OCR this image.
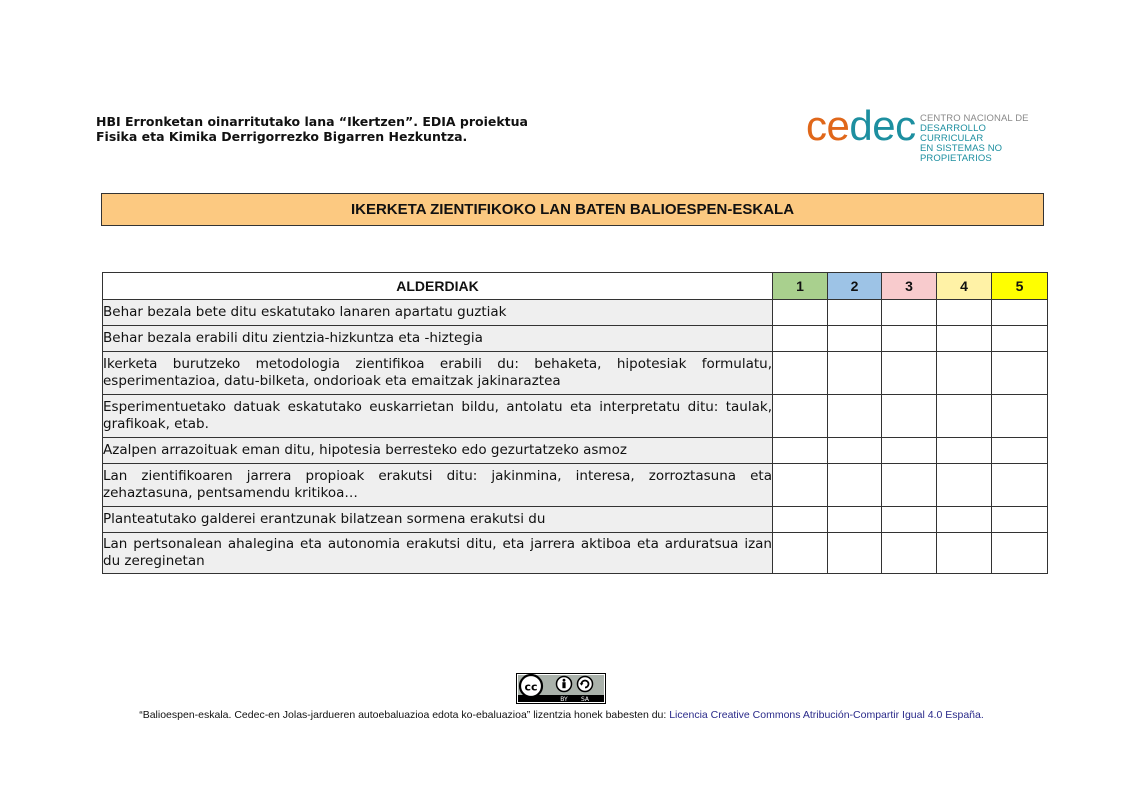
HBI Erronketan oinarritutako lana “Ikertzen”. EDIA proiektua
Fisika eta Kimika Derrigorrezko Bigarren Hezkuntza.	cedec CENTRO NACIONAL DE
DESARROLLO CURRICULAR
EN SISTEMAS NO PROPIETARIOS
IKERKETA ZIENTIFIKOKO LAN BATEN BALIOESPEN-ESKALA
ALDERDIAK	1	2	3	4	5
Behar bezala bete ditu eskatutako lanaren apartatu guztiak					
Behar bezala erabili ditu zientzia-hizkuntza eta -hiztegia					
Ikerketa burutzeko metodologia zientifikoa erabili du: behaketa, hipotesiak formulatu, esperimentazioa, datu-bilketa, ondorioak eta emaitzak jakinaraztea					
Esperimentuetako datuak eskatutako euskarrietan bildu, antolatu eta interpretatu ditu: taulak, grafikoak, etab.					
Azalpen arrazoituak eman ditu, hipotesia berresteko edo gezurtatzeko asmoz					
Lan zientifikoaren jarrera propioak erakutsi ditu: jakinmina, interesa, zorroztasuna eta zehaztasuna, pentsamendu kritikoa…					
Planteatutako galderei erantzunak bilatzean sormena erakutsi du					
Lan pertsonalean ahalegina eta autonomia erakutsi ditu, eta jarrera aktiboa eta arduratsua izan du zereginetan					
cc
BY SA
“Balioespen-eskala. Cedec-en Jolas-jardueren autoebaluazioa edota ko-ebaluazioa” lizentzia honek babesten du: Licencia Creative Commons Atribución-Compartir Igual 4.0 España.
